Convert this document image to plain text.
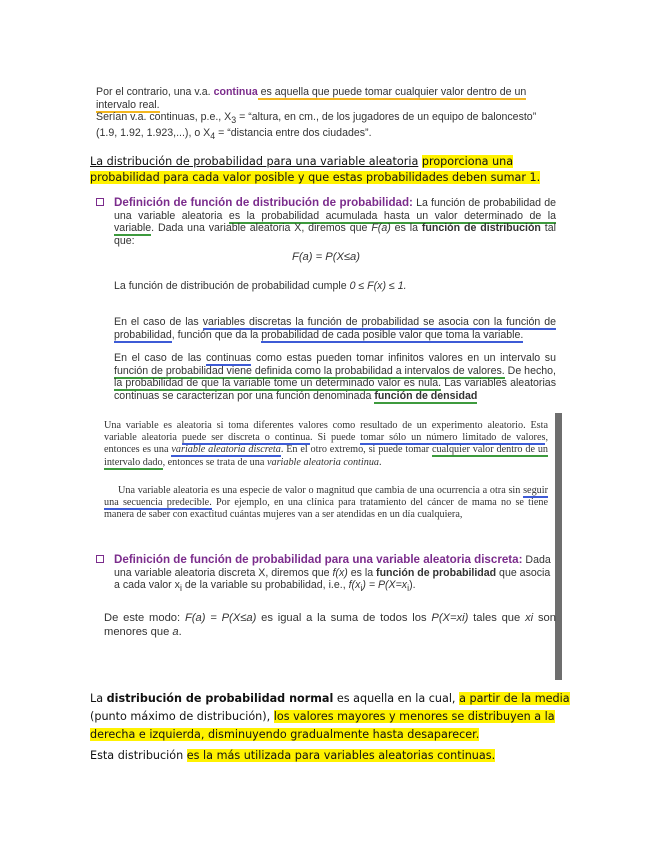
Por el contrario, una v.a. continua es aquella que puede tomar cualquier valor dentro de un intervalo real.
Serían v.a. continuas, p.e., $X_3$ = “altura, en cm., de los jugadores de un equipo de baloncesto” (1.9, 1.92, 1.923,...), o $X_4$ = “distancia entre dos ciudades”.
La distribución de probabilidad para una variable aleatoria proporciona una probabilidad para cada valor posible y que estas probabilidades deben sumar 1.
Definición de función de distribución de probabilidad: La función de probabilidad de una variable aleatoria es la probabilidad acumulada hasta un valor determinado de la variable. Dada una variable aleatoria X, diremos que F(a) es la función de distribución tal que:
F(a) = P(X≤a)
La función de distribución de probabilidad cumple 0 ≤ F(x) ≤ 1.
En el caso de las variables discretas la función de probabilidad se asocia con la función de probabilidad, función que da la probabilidad de cada posible valor que toma la variable.
En el caso de las continuas como estas pueden tomar infinitos valores en un intervalo su función de probabilidad viene definida como la probabilidad a intervalos de valores. De hecho, la probabilidad de que la variable tome un determinado valor es nula. Las variables aleatorias continuas se caracterizan por una función denominada función de densidad
Una variable es aleatoria si toma diferentes valores como resultado de un experimento aleatorio. Esta variable aleatoria puede ser discreta o continua. Si puede tomar sólo un número limitado de valores, entonces es una variable aleatoria discreta. En el otro extremo, si puede tomar cualquier valor dentro de un intervalo dado, entonces se trata de una variable aleatoria continua.
Una variable aleatoria es una especie de valor o magnitud que cambia de una ocurrencia a otra sin seguir una secuencia predecible. Por ejemplo, en una clínica para tratamiento del cáncer de mama no se tiene manera de saber con exactitud cuántas mujeres van a ser atendidas en un día cualquiera,
Definición de función de probabilidad para una variable aleatoria discreta: Dada una variable aleatoria discreta X, diremos que f(x) es la función de probabilidad que asocia a cada valor $x_i$ de la variable su probabilidad, i.e., $f(x_i) = P(X=x_i)$.
De este modo: F(a) = P(X≤a) es igual a la suma de todos los P(X=xi) tales que xi son menores que a.
La distribución de probabilidad normal es aquella en la cual, a partir de la media (punto máximo de distribución), los valores mayores y menores se distribuyen a la derecha e izquierda, disminuyendo gradualmente hasta desaparecer.
Esta distribución es la más utilizada para variables aleatorias continuas.
